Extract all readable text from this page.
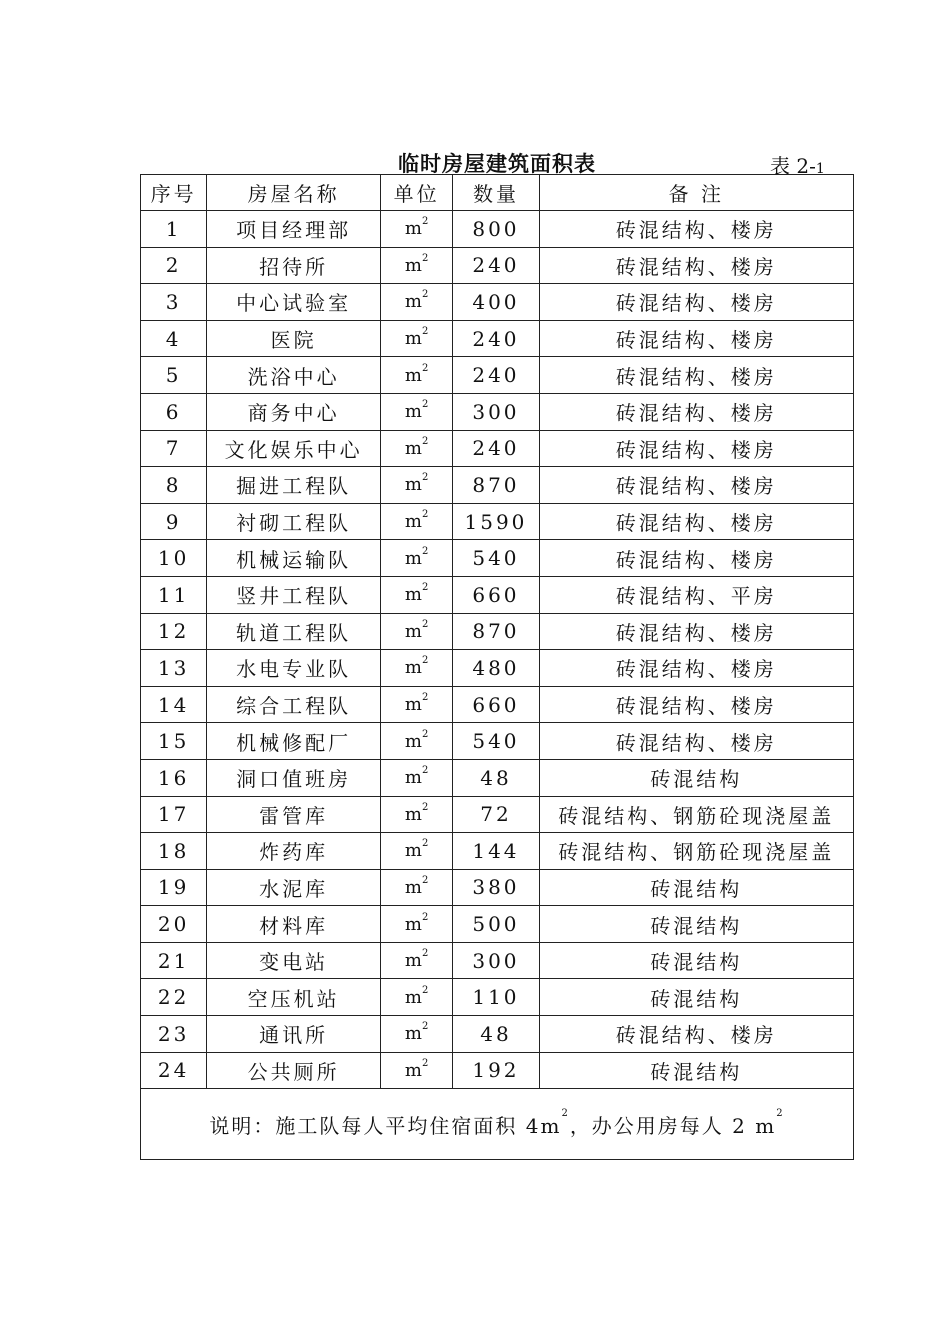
临时房屋建筑面积表	表 2-1
序号	房屋名称	单位	数量	备 注
1	项目经理部	$m^2$	800	砖混结构、楼房
2	招待所	$m^2$	240	砖混结构、楼房
3	中心试验室	$m^2$	400	砖混结构、楼房
4	医院	$m^2$	240	砖混结构、楼房
5	洗浴中心	$m^2$	240	砖混结构、楼房
6	商务中心	$m^2$	300	砖混结构、楼房
7	文化娱乐中心	$m^2$	240	砖混结构、楼房
8	掘进工程队	$m^2$	870	砖混结构、楼房
9	衬砌工程队	$m^2$	1590	砖混结构、楼房
10	机械运输队	$m^2$	540	砖混结构、楼房
11	竖井工程队	$m^2$	660	砖混结构、平房
12	轨道工程队	$m^2$	870	砖混结构、楼房
13	水电专业队	$m^2$	480	砖混结构、楼房
14	综合工程队	$m^2$	660	砖混结构、楼房
15	机械修配厂	$m^2$	540	砖混结构、楼房
16	洞口值班房	$m^2$	48	砖混结构
17	雷管库	$m^2$	72	砖混结构、钢筋砼现浇屋盖
18	炸药库	$m^2$	144	砖混结构、钢筋砼现浇屋盖
19	水泥库	$m^2$	380	砖混结构
20	材料库	$m^2$	500	砖混结构
21	变电站	$m^2$	300	砖混结构
22	空压机站	$m^2$	110	砖混结构
23	通讯所	$m^2$	48	砖混结构、楼房
24	公共厕所	$m^2$	192	砖混结构
说明：施工队每人平均住宿面积 $4m^2$，办公用房每人 2 $m^2$
